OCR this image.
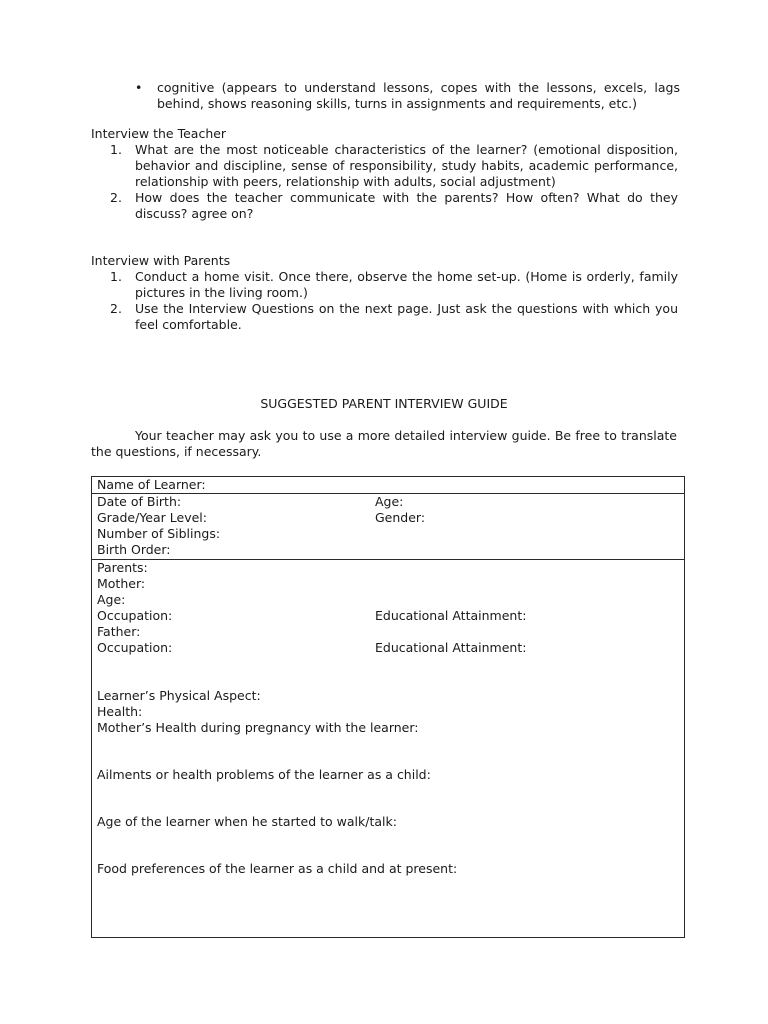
• cognitive (appears to understand lessons, copes with the lessons, excels, lags behind, shows reasoning skills, turns in assignments and requirements, etc.)
Interview the Teacher
1. What are the most noticeable characteristics of the learner? (emotional disposition, behavior and discipline, sense of responsibility, study habits, academic performance, relationship with peers, relationship with adults, social adjustment)
2. How does the teacher communicate with the parents? How often? What do they discuss? agree on?
Interview with Parents
1. Conduct a home visit. Once there, observe the home set-up. (Home is orderly, family pictures in the living room.)
2. Use the Interview Questions on the next page. Just ask the questions with which you feel comfortable.
SUGGESTED PARENT INTERVIEW GUIDE
Your teacher may ask you to use a more detailed interview guide. Be free to translate the questions, if necessary.
Name of Learner:
Date of Birth:	Age:
Grade/Year Level:	Gender:
Number of Siblings:
Birth Order:
Parents:
Mother:
Age:
Occupation:	Educational Attainment:
Father:
Occupation:	Educational Attainment:
Learner’s Physical Aspect:
Health:
Mother’s Health during pregnancy with the learner:
Ailments or health problems of the learner as a child:
Age of the learner when he started to walk/talk:
Food preferences of the learner as a child and at present:
